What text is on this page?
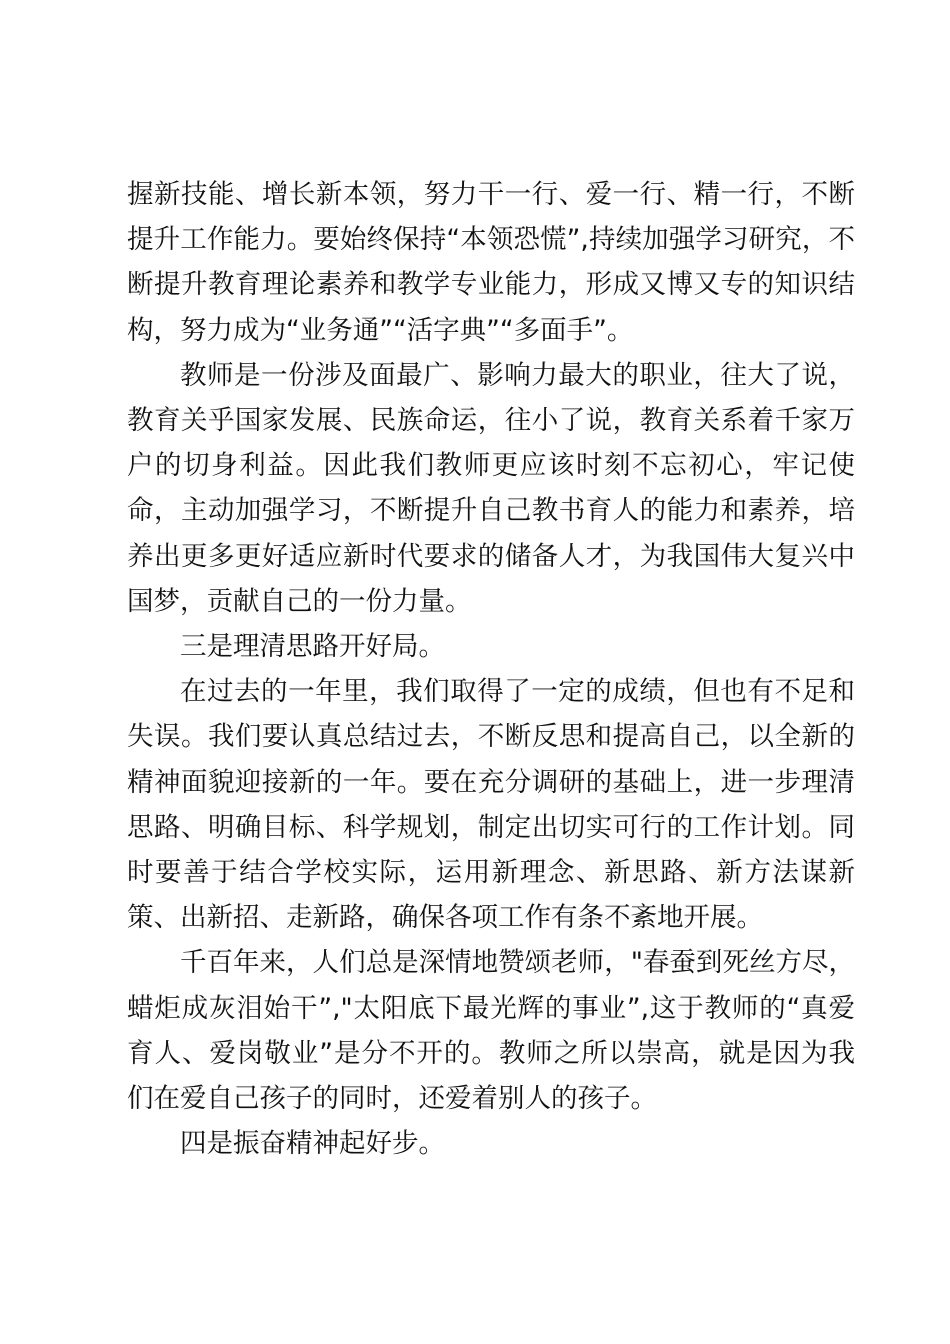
握新技能、增长新本领，努力干一行、爱一行、精一行，不断提升工作能力。要始终保持“本领恐慌”,持续加强学习研究，不断提升教育理论素养和教学专业能力，形成又博又专的知识结构，努力成为“业务通”“活字典”“多面手”。

教师是一份涉及面最广、影响力最大的职业，往大了说，教育关乎国家发展、民族命运，往小了说，教育关系着千家万户的切身利益。因此我们教师更应该时刻不忘初心，牢记使命，主动加强学习，不断提升自己教书育人的能力和素养，培养出更多更好适应新时代要求的储备人才，为我国伟大复兴中国梦，贡献自己的一份力量。

三是理清思路开好局。

在过去的一年里，我们取得了一定的成绩，但也有不足和失误。我们要认真总结过去，不断反思和提高自己，以全新的精神面貌迎接新的一年。要在充分调研的基础上，进一步理清思路、明确目标、科学规划，制定出切实可行的工作计划。同时要善于结合学校实际，运用新理念、新思路、新方法谋新策、出新招、走新路，确保各项工作有条不紊地开展。

千百年来，人们总是深情地赞颂老师，"春蚕到死丝方尽，蜡炬成灰泪始干”,"太阳底下最光辉的事业”,这于教师的“真爱育人、爱岗敬业”是分不开的。教师之所以崇高，就是因为我们在爱自己孩子的同时，还爱着别人的孩子。

四是振奋精神起好步。
